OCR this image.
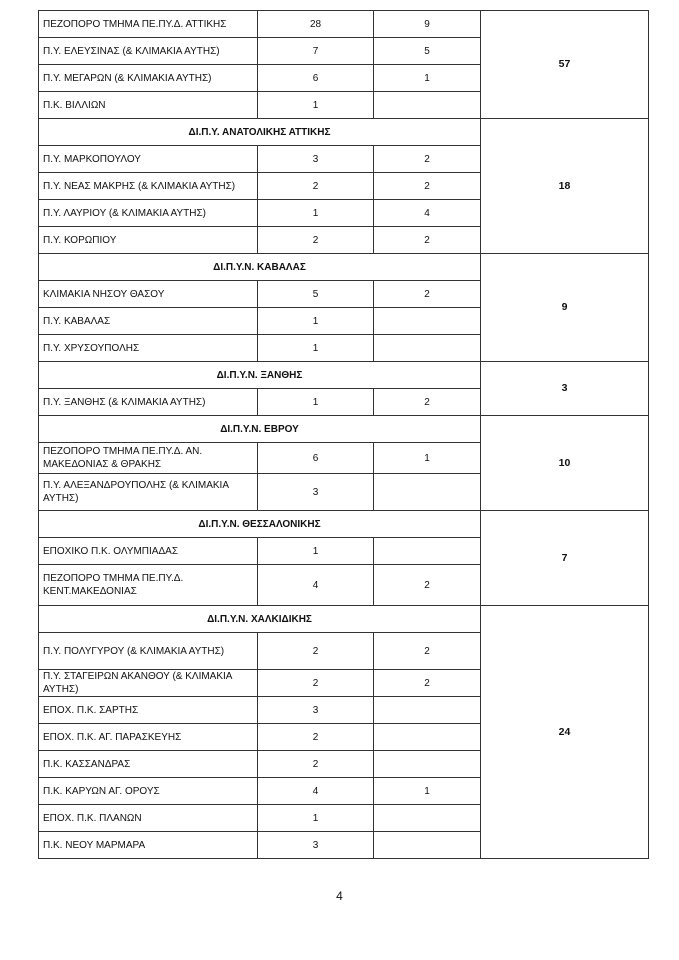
ΠΕΖΟΠΟΡΟ ΤΜΗΜΑ ΠΕ.ΠΥ.Δ. ΑΤΤΙΚΗΣ	28	9	57
Π.Υ. ΕΛΕΥΣΙΝΑΣ (& ΚΛΙΜΑΚΙΑ ΑΥΤΗΣ)	7	5	
Π.Υ. ΜΕΓΑΡΩΝ (& ΚΛΙΜΑΚΙΑ ΑΥΤΗΣ)	6	1	
Π.Κ. ΒΙΛΛΙΩΝ	1		
ΔΙ.Π.Υ. ΑΝΑΤΟΛΙΚΗΣ ΑΤΤΙΚΗΣ			18
Π.Υ. ΜΑΡΚΟΠΟΥΛΟΥ	3	2	
Π.Υ. ΝΕΑΣ ΜΑΚΡΗΣ (& ΚΛΙΜΑΚΙΑ ΑΥΤΗΣ)	2	2	
Π.Υ. ΛΑΥΡΙΟΥ (& ΚΛΙΜΑΚΙΑ ΑΥΤΗΣ)	1	4	
Π.Υ. ΚΟΡΩΠΙΟΥ	2	2	
ΔΙ.Π.Υ.Ν. ΚΑΒΑΛΑΣ			9
ΚΛΙΜΑΚΙΑ ΝΗΣΟΥ ΘΑΣΟΥ	5	2	
Π.Υ. ΚΑΒΑΛΑΣ	1		
Π.Υ. ΧΡΥΣΟΥΠΟΛΗΣ	1		
ΔΙ.Π.Υ.Ν. ΞΑΝΘΗΣ			3
Π.Υ. ΞΑΝΘΗΣ (& ΚΛΙΜΑΚΙΑ ΑΥΤΗΣ)	1	2	
ΔΙ.Π.Υ.Ν. ΕΒΡΟΥ			10
ΠΕΖΟΠΟΡΟ ΤΜΗΜΑ ΠΕ.ΠΥ.Δ. ΑΝ. ΜΑΚΕΔΟΝΙΑΣ & ΘΡΑΚΗΣ	6	1	
Π.Υ. ΑΛΕΞΑΝΔΡΟΥΠΟΛΗΣ (& ΚΛΙΜΑΚΙΑ ΑΥΤΗΣ)	3		
ΔΙ.Π.Υ.Ν. ΘΕΣΣΑΛΟΝΙΚΗΣ			7
ΕΠΟΧΙΚΟ Π.Κ. ΟΛΥΜΠΙΑΔΑΣ	1		
ΠΕΖΟΠΟΡΟ ΤΜΗΜΑ ΠΕ.ΠΥ.Δ. ΚΕΝΤ.ΜΑΚΕΔΟΝΙΑΣ	4	2	
ΔΙ.Π.Υ.Ν. ΧΑΛΚΙΔΙΚΗΣ			24
Π.Υ. ΠΟΛΥΓΥΡΟΥ (& ΚΛΙΜΑΚΙΑ ΑΥΤΗΣ)	2	2	
Π.Υ. ΣΤΑΓΕΙΡΩΝ ΑΚΑΝΘΟΥ (& ΚΛΙΜΑΚΙΑ ΑΥΤΗΣ)	2	2	
ΕΠΟΧ. Π.Κ. ΣΑΡΤΗΣ	3		
ΕΠΟΧ. Π.Κ. ΑΓ. ΠΑΡΑΣΚΕΥΗΣ	2		
Π.Κ. ΚΑΣΣΑΝΔΡΑΣ	2		
Π.Κ. ΚΑΡΥΩΝ ΑΓ. ΟΡΟΥΣ	4	1	
ΕΠΟΧ. Π.Κ. ΠΛΑΝΩΝ	1		
Π.Κ. ΝΕΟΥ ΜΑΡΜΑΡΑ	3		
4
